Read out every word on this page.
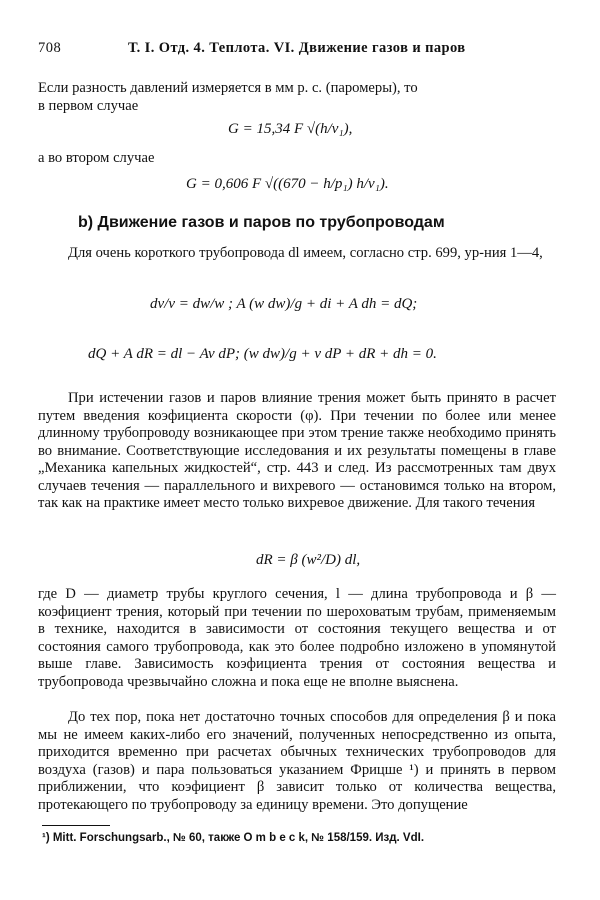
708	Т. I. Отд. 4. Теплота. VI. Движение газов и паров
Если разность давлений измеряется в мм р. с. (паромеры), то
в первом случае
G = 15,34 F √(h/v₁),
а во втором случае
G = 0,606 F √((670 − h/p₁) h/v₁).
b) Движение газов и паров по трубопроводам
Для очень короткого трубопровода dl имеем, согласно стр. 699, ур-ния 1—4,
dv/v = dw/w ; A (w dw)/g + di + A dh = dQ;
dQ + A dR = dl − Av dP; (w dw)/g + v dP + dR + dh = 0.
При истечении газов и паров влияние трения может быть принято в расчет путем введения коэфициента скорости (φ). При течении по более или менее длинному трубопроводу возникающее при этом трение также необходимо принять во внимание. Соответствующие исследования и их результаты помещены в главе „Механика капельных жидкостей“, стр. 443 и след. Из рассмотренных там двух случаев течения — параллельного и вихревого — остановимся только на втором, так как на практике имеет место только вихревое движение. Для такого течения
dR = β (w²/D) dl,
где D — диаметр трубы круглого сечения, l — длина трубопровода и β — коэфициент трения, который при течении по шероховатым трубам, применяемым в технике, находится в зависимости от состояния текущего вещества и от состояния самого трубопровода, как это более подробно изложено в упомянутой выше главе. Зависимость коэфициента трения от состояния вещества и трубопровода чрезвычайно сложна и пока еще не вполне выяснена.
До тех пор, пока нет достаточно точных способов для определения β и пока мы не имеем каких-либо его значений, полученных непосредственно из опыта, приходится временно при расчетах обычных технических трубопроводов для воздуха (газов) и пара пользоваться указанием Фрицше ¹) и принять в первом приближении, что коэфициент β зависит только от количества вещества, протекающего по трубопроводу за единицу времени. Это допущение
¹) Mitt. Forschungsarb., № 60, также O m b e c k, № 158/159. Изд. VdI.
